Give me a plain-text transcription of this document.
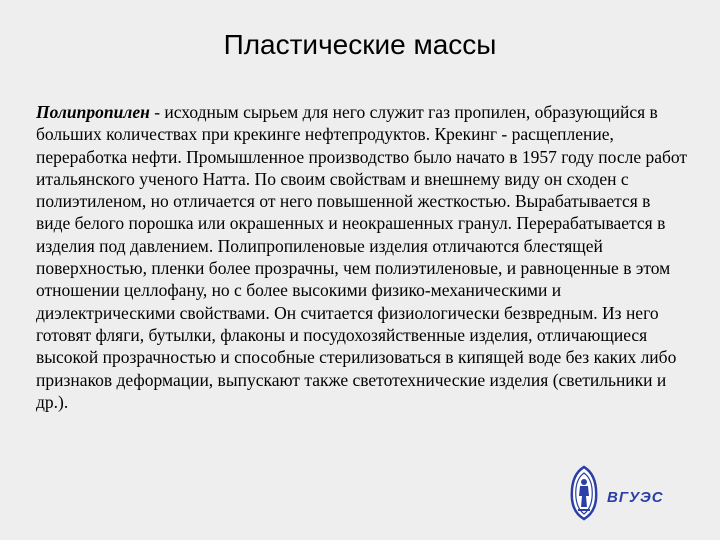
Пластические массы

Полипропилен - исходным сырьем для него служит газ пропилен, образующийся в больших количествах при крекинге нефтепродуктов. Крекинг - расщепление, переработка нефти. Промышленное производство было начато в 1957 году после работ итальянского ученого Натта. По своим свойствам и внешнему виду он сходен с полиэтиленом, но отличается от него повышенной жесткостью. Вырабатывается в виде белого порошка или окрашенных и неокрашенных гранул. Перерабатывается в изделия под давлением. Полипропиленовые изделия отличаются блестящей поверхностью, пленки более прозрачны, чем полиэтиленовые, и равноценные в этом отношении целлофану, но с более высокими физико-механическими и диэлектрическими свойствами. Он считается физиологически безвредным. Из него готовят фляги, бутылки, флаконы и посудохозяйственные изделия, отличающиеся высокой прозрачностью и способные стерилизоваться в кипящей воде без каких либо признаков деформации, выпускают также светотехнические изделия (светильники и др.).

ВГУЭС
